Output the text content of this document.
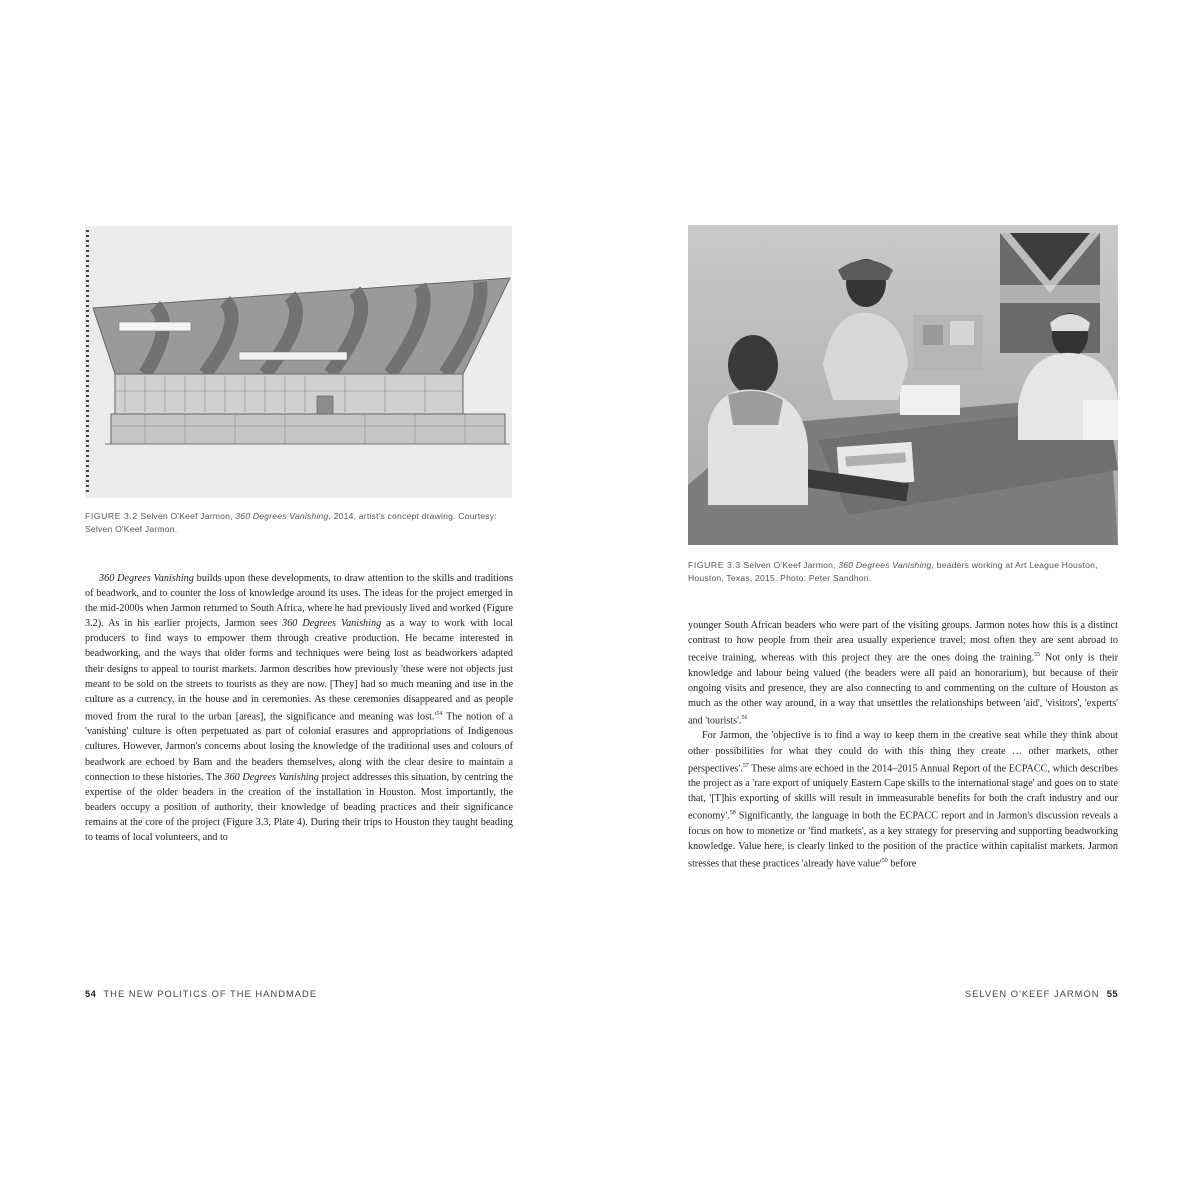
FIGURE 3.2 Selven O'Keef Jarmon, 360 Degrees Vanishing, 2014, artist's concept drawing. Courtesy: Selven O'Keef Jarmon.

360 Degrees Vanishing builds upon these developments, to draw attention to the skills and traditions of beadwork, and to counter the loss of knowledge around its uses. The ideas for the project emerged in the mid-2000s when Jarmon returned to South Africa, where he had previously lived and worked (Figure 3.2). As in his earlier projects, Jarmon sees 360 Degrees Vanishing as a way to work with local producers to find ways to empower them through creative production. He became interested in beadworking, and the ways that older forms and techniques were being lost as beadworkers adapted their designs to appeal to tourist markets. Jarmon describes how previously 'these were not objects just meant to be sold on the streets to tourists as they are now. [They] had so much meaning and use in the culture as a currency, in the house and in ceremonies. As these ceremonies disappeared and as people moved from the rural to the urban [areas], the significance and meaning was $lost.'^{54}$ The notion of a 'vanishing' culture is often perpetuated as part of colonial erasures and appropriations of Indigenous cultures. However, Jarmon's concerns about losing the knowledge of the traditional uses and colours of beadwork are echoed by Bam and the beaders themselves, along with the clear desire to maintain a connection to these histories. The 360 Degrees Vanishing project addresses this situation, by centring the expertise of the older beaders in the creation of the installation in Houston. Most importantly, the beaders occupy a position of authority, their knowledge of beading practices and their significance remains at the core of the project (Figure 3.3, Plate 4). During their trips to Houston they taught beading to teams of local volunteers, and to

54 THE NEW POLITICS OF THE HANDMADE
FIGURE 3.3 Selven O'Keef Jarmon, 360 Degrees Vanishing, beaders working at Art League Houston, Houston, Texas, 2015. Photo: Peter Sandhon.

younger South African beaders who were part of the visiting groups. Jarmon notes how this is a distinct contrast to how people from their area usually experience travel; most often they are sent abroad to receive training, whereas with this project they are the ones doing the training.$^{55}$ Not only is their knowledge and labour being valued (the beaders were all paid an honorarium), but because of their ongoing visits and presence, they are also connecting to and commenting on the culture of Houston as much as the other way around, in a way that unsettles the relationships between 'aid', 'visitors', 'experts' and 'tourists'.$^{56}$

For Jarmon, the 'objective is to find a way to keep them in the creative seat while they think about other possibilities for what they could do with this thing they create … other markets, other perspectives'.$^{57}$ These aims are echoed in the 2014–2015 Annual Report of the ECPACC, which describes the project as a 'rare export of uniquely Eastern Cape skills to the international stage' and goes on to state that, '[T]his exporting of skills will result in immeasurable benefits for both the craft industry and our economy'.$^{58}$ Significantly, the language in both the ECPACC report and in Jarmon's discussion reveals a focus on how to monetize or 'find markets', as a key strategy for preserving and supporting beadworking knowledge. Value here, is clearly linked to the position of the practice within capitalist markets. Jarmon stresses that these practices 'already have $value'^{59}$ before

SELVEN O'KEEF JARMON 55
